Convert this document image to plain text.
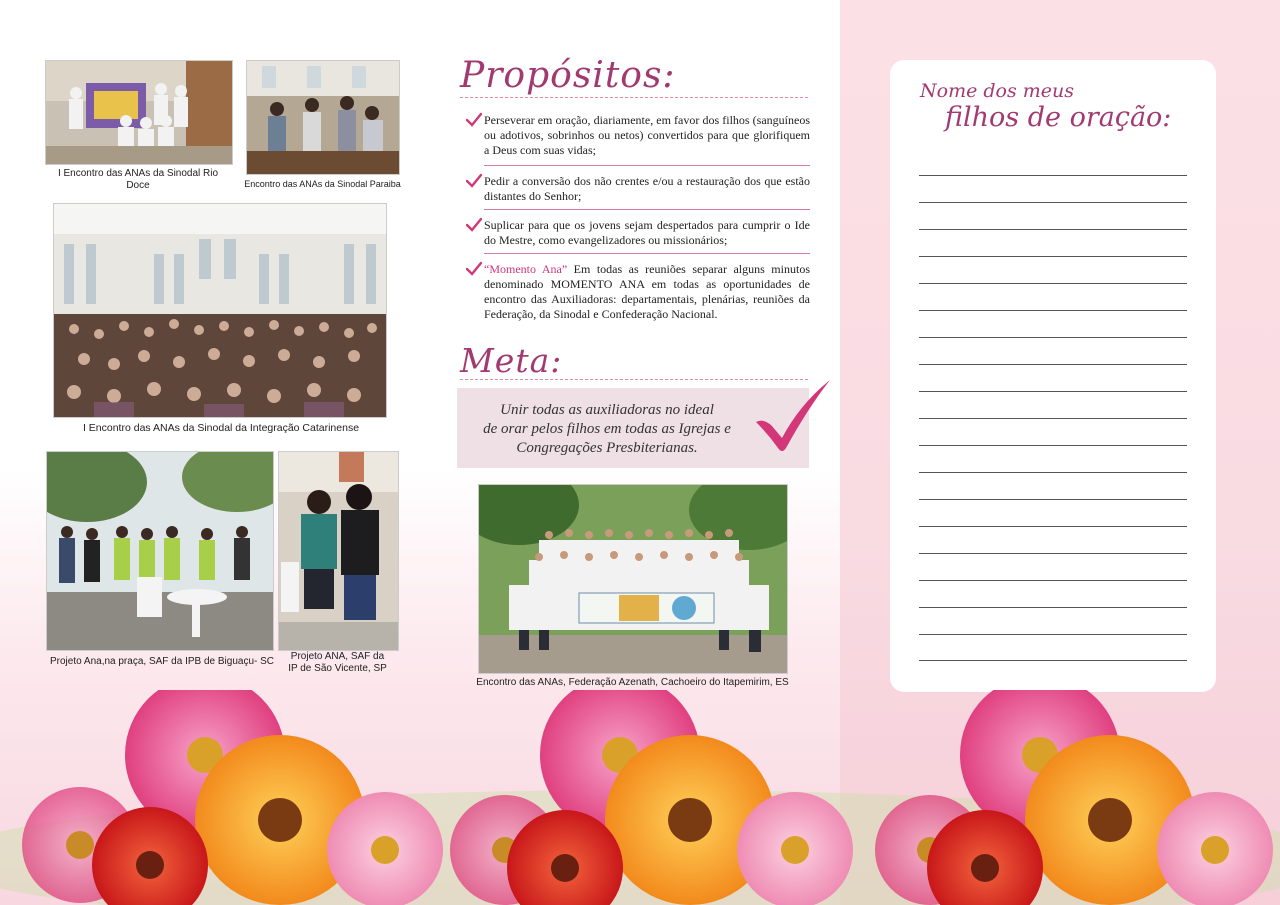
I Encontro das ANAs da Sinodal Rio Doce	Encontro das ANAs da Sinodal Paraiba
I Encontro das ANAs da Sinodal da Integração Catarinense
Projeto Ana,na praça, SAF da IPB de Biguaçu- SC	Projeto ANA, SAF da
IP de São Vicente, SP
Propósitos:
Perseverar em oração, diariamente, em favor dos filhos (sanguíneos ou adotivos, sobrinhos ou netos) convertidos para que glorifiquem a Deus com suas vidas;
Pedir a conversão dos não crentes e/ou a restauração dos que estão distantes do Senhor;
Suplicar para que os jovens sejam despertados para cumprir o Ide do Mestre, como evangelizadores ou missionários;
“Momento Ana” Em todas as reuniões separar alguns minutos denominado MOMENTO ANA em todas as oportunidades de encontro das Auxiliadoras: departamentais, plenárias, reuniões da Federação, da Sinodal e Confederação Nacional.
Meta:
Unir todas as auxiliadoras no ideal
de orar pelos filhos em todas as Igrejas e
Congregações Presbiterianas.
Encontro das ANAs, Federação Azenath, Cachoeiro do Itapemirim, ES
Nome dos meus
filhos de oração:
